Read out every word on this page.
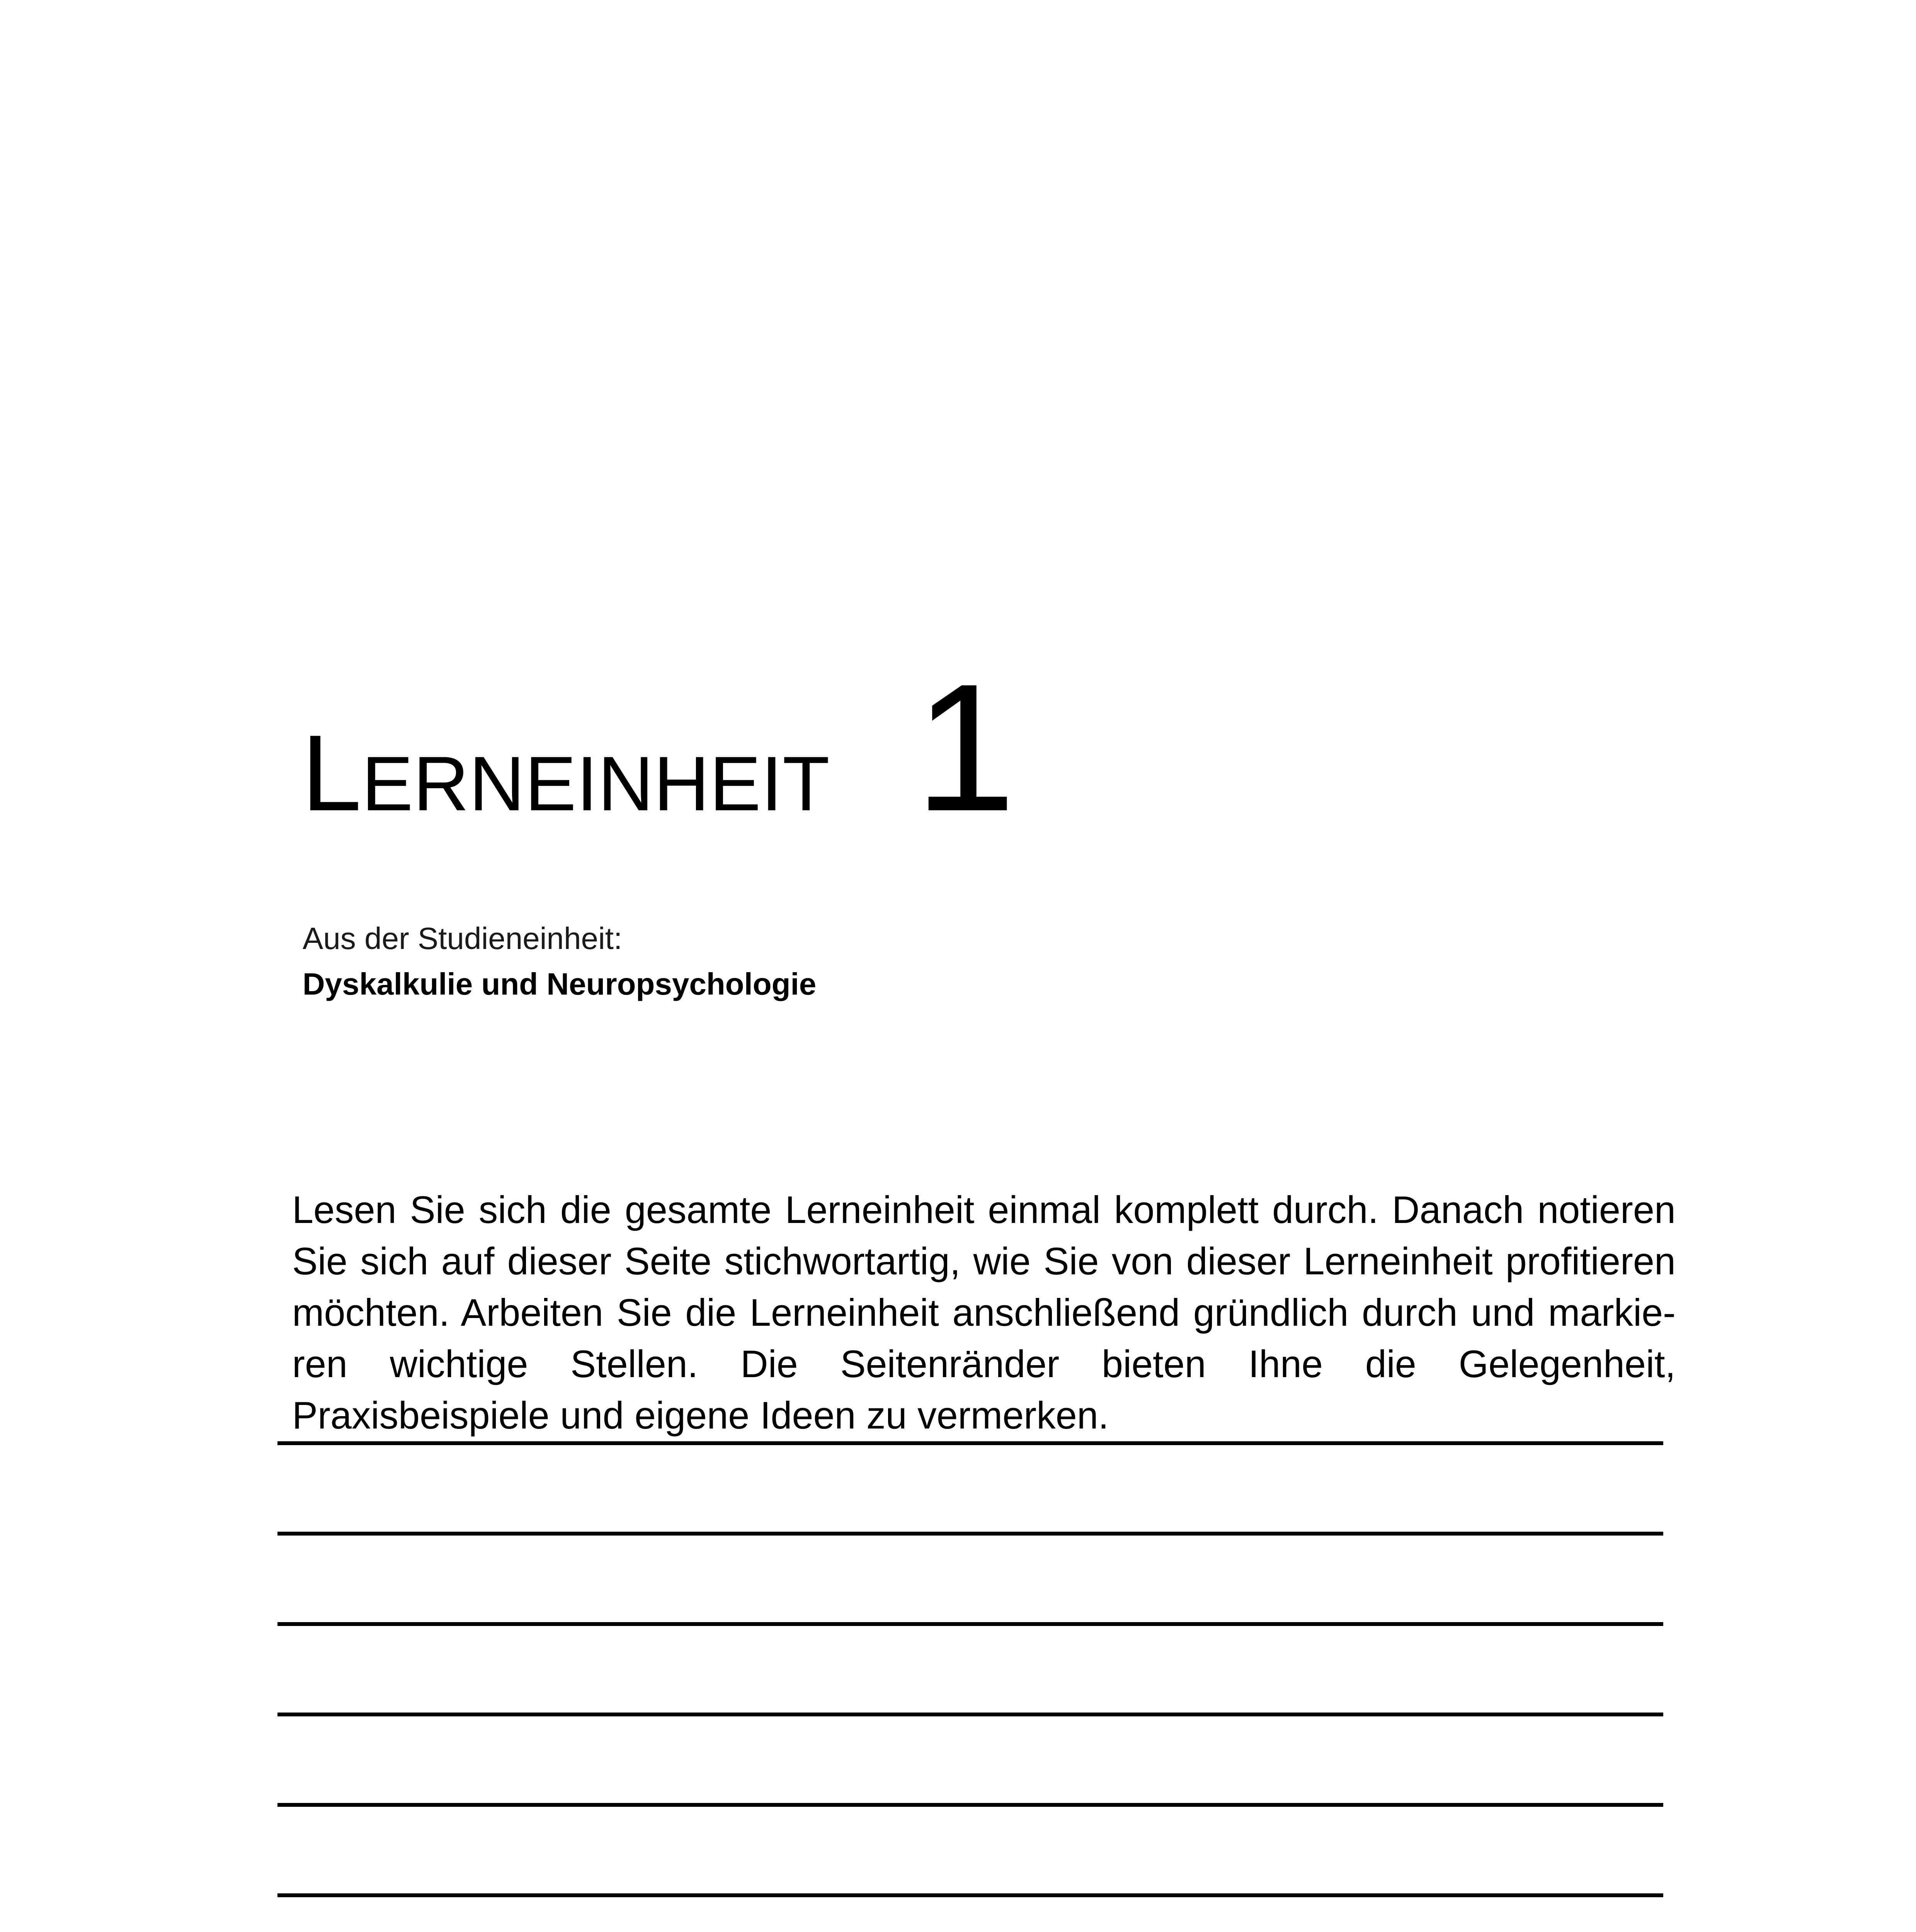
LERNEINHEIT 1
Aus der Studieneinheit:
Dyskalkulie und Neuropsychologie

Lesen Sie sich die gesamte Lerneinheit einmal komplett durch. Danach notieren Sie sich auf dieser Seite stichwortartig, wie Sie von dieser Lerneinheit profitieren möchten. Arbeiten Sie die Lerneinheit anschließend gründlich durch und markie-ren wichtige Stellen. Die Seitenränder bieten Ihne die Gelegenheit, Praxisbeispiele und eigene Ideen zu vermerken.
